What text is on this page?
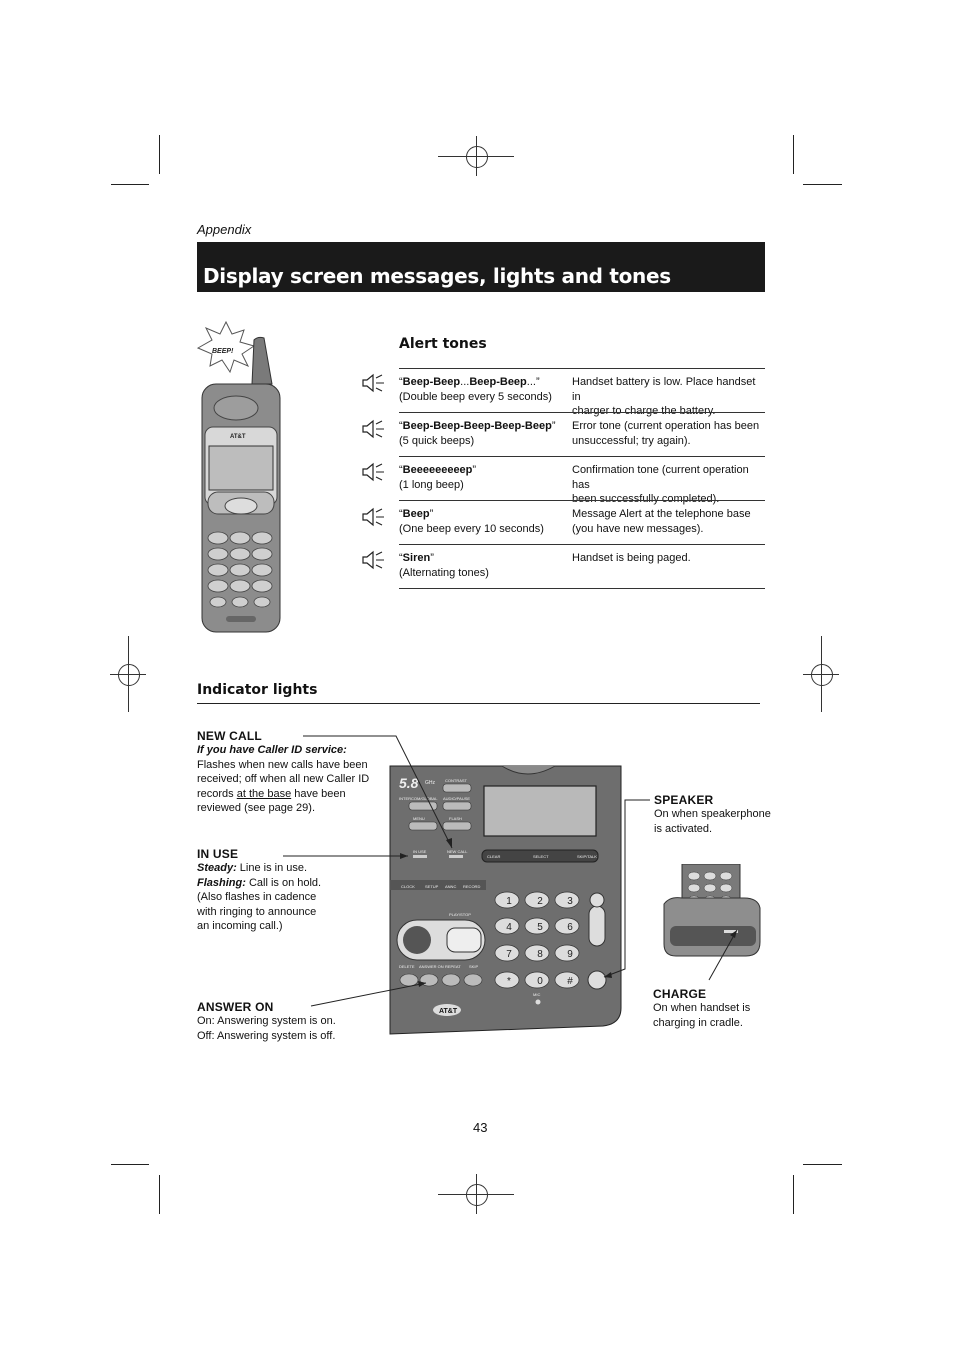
Appendix
Display screen messages, lights and tones
BEEP!
AT&T
Alert tones
“Beep-Beep...Beep-Beep...”
(Double beep every 5 seconds)
Handset battery is low. Place handset in
charger to charge the battery.
“Beep-Beep-Beep-Beep-Beep”
(5 quick beeps)
Error tone (current operation has been
unsuccessful; try again).
“Beeeeeeeeep”
(1 long beep)
Confirmation tone (current operation has
been successfully completed).
“Beep”
(One beep every 10 seconds)
Message Alert at the telephone base
(you have new messages).
“Siren”
(Alternating tones)
Handset is being paged.
Indicator lights
NEW CALL
If you have Caller ID service:
Flashes when new calls have been
received; off when all new Caller ID
records at the base have been
reviewed (see page 29).
IN USE
Steady: Line is in use.
Flashing: Call is on hold.
(Also flashes in cadence
with ringing to announce
an incoming call.)
ANSWER ON
On: Answering system is on.
Off: Answering system is off.
SPEAKER
On when speakerphone
is activated.
CHARGE
On when handset is
charging in cradle.
5.8 GHz	CONTRAST
INTERCOM/GLOBAL AUDIO/PAUSE
MENU	FLASH
CLEAR	SELECT	SKIP/TALK
IN USE	NEW CALL
CLOCK	SETUP ANNC RECORD
PLAY/STOP
DELETE ANSWER ON REPEAT SKIP
1	2 3
4	5 6
7	8 9
*	0 #
MIC
AT&T
43
